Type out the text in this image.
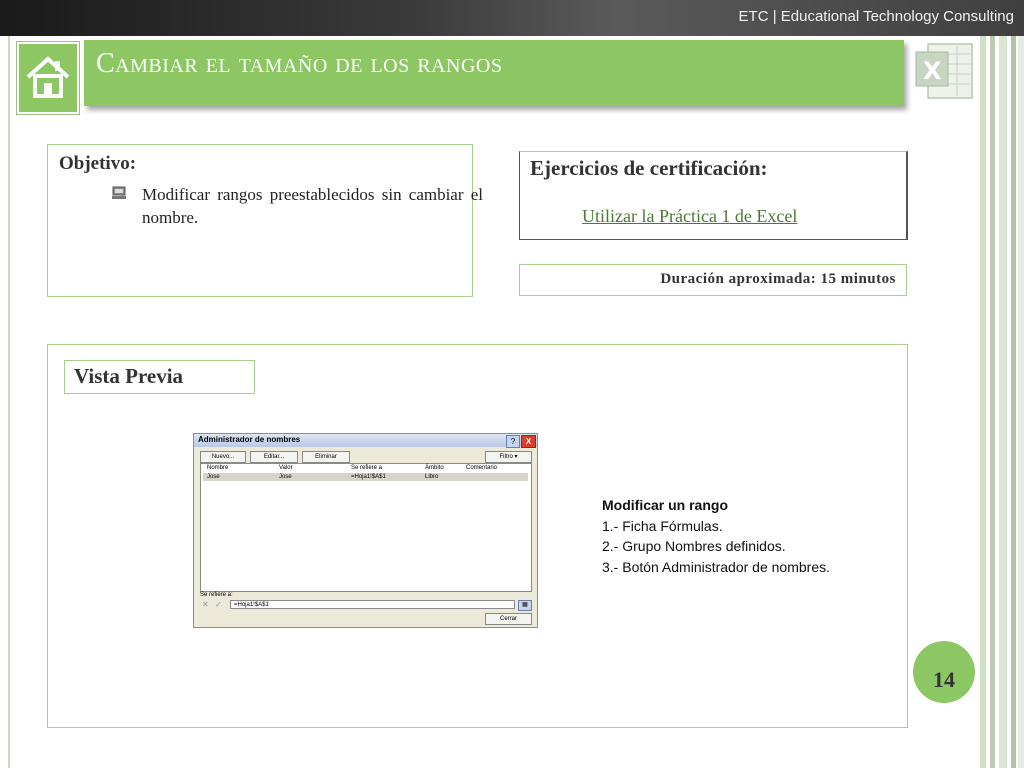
ETC | Educational Technology Consulting
Cambiar el tamaño de los rangos	X
Objetivo:
Modificar rangos preestablecidos sin cambiar el nombre.
Ejercicios de certificación:
Utilizar la Práctica 1 de Excel
Duración aproximada: 15 minutos
Vista Previa
Administrador de nombres	?	X
Nuevo...	Editar...	Eliminar	Filtro ▾
Nombre	Valor	Se refiere a	Ámbito	Comentario
Jose	Jose	=Hoja1!$A$1	Libro
Se refiere a:
✕ ✓	=Hoja1!$A$1	▦
Cerrar
Modificar un rango
1.- Ficha Fórmulas.
2.- Grupo Nombres definidos.
3.- Botón Administrador de nombres.
14
